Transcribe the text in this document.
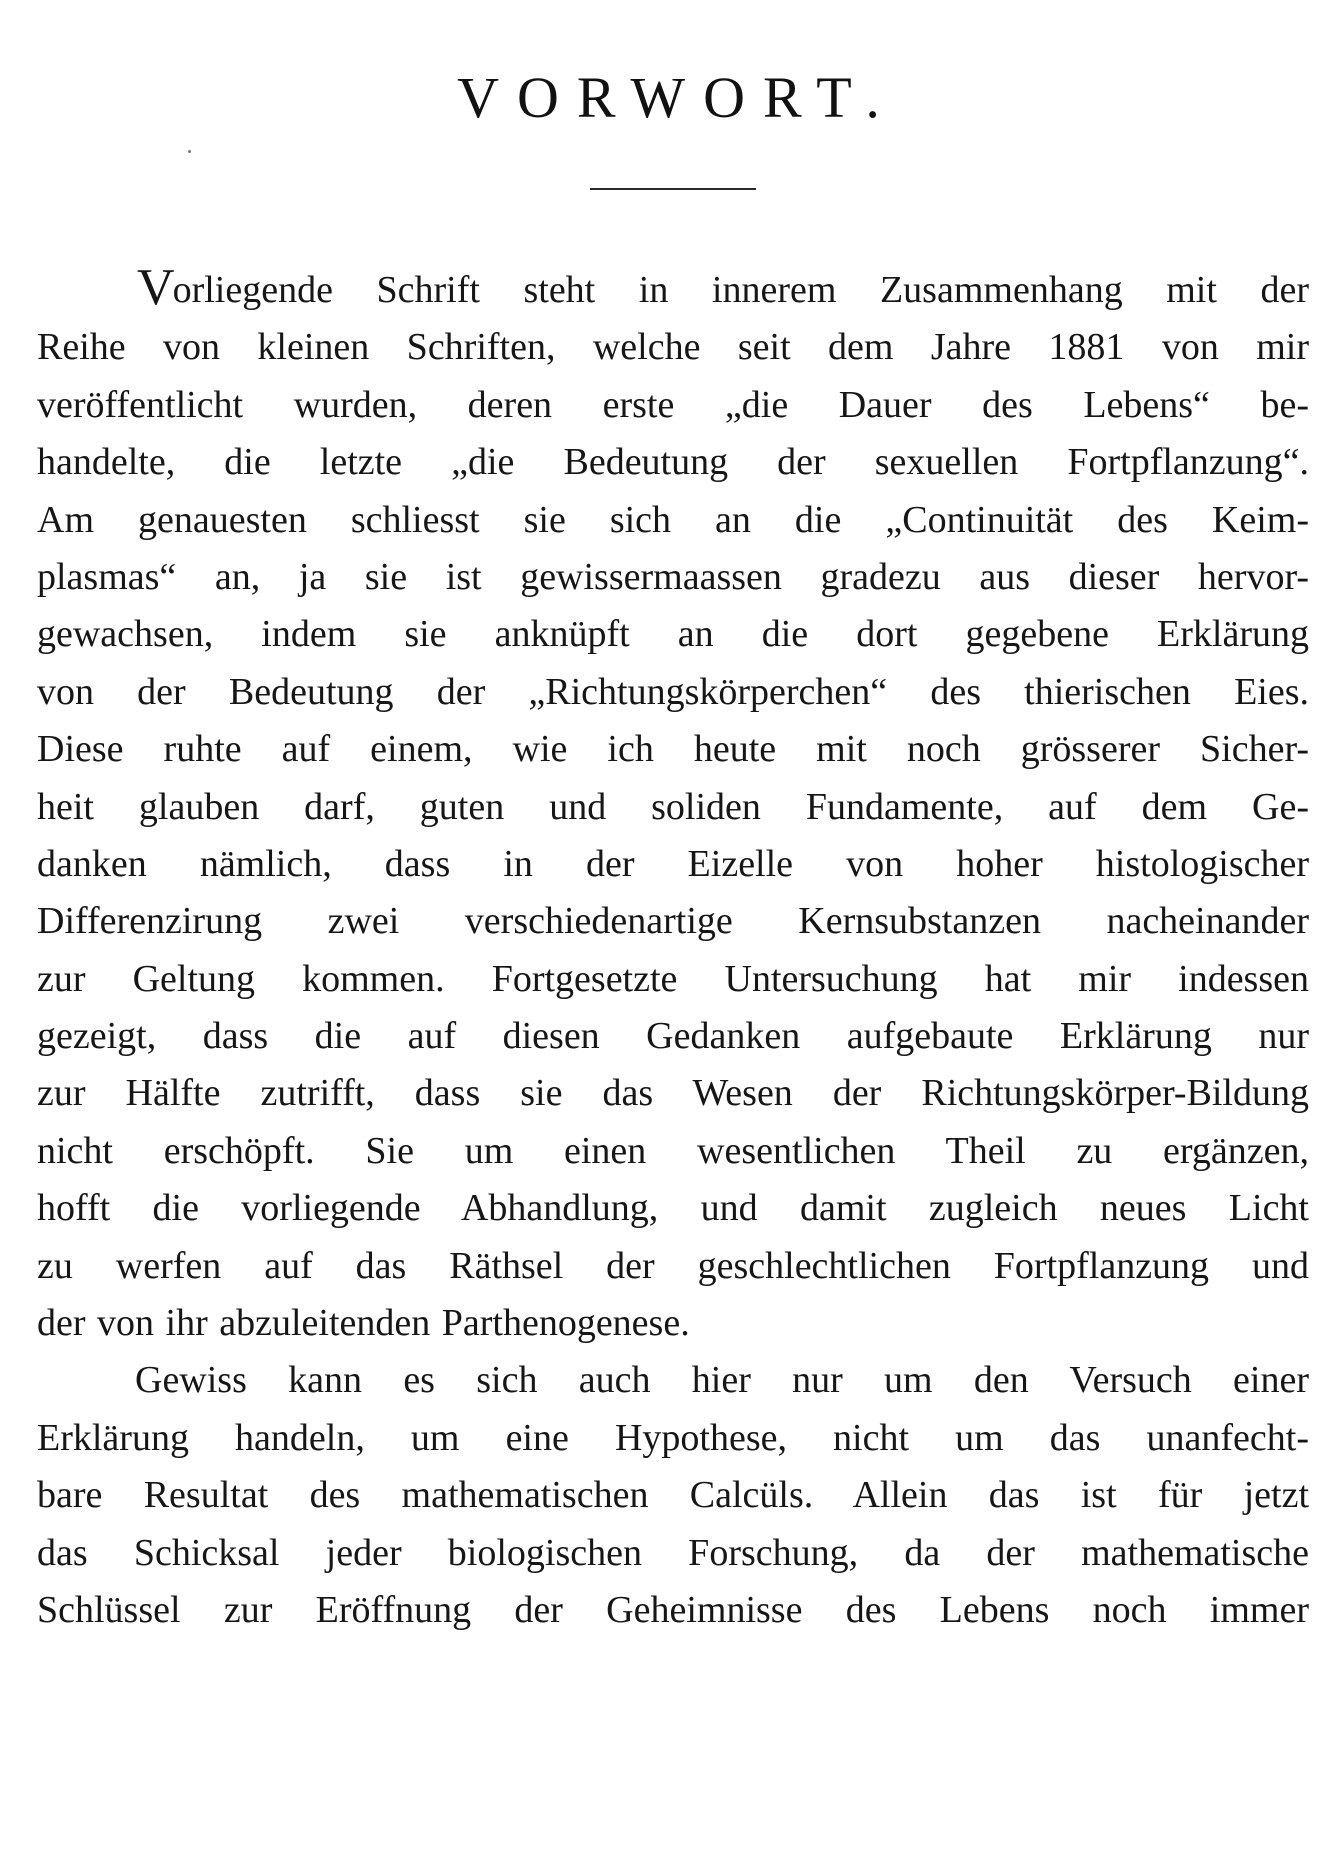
VORWORT.
Vorliegende Schrift steht in innerem Zusammenhang mit der
Reihe von kleinen Schriften, welche seit dem Jahre 1881 von mir
veröffentlicht wurden, deren erste „die Dauer des Lebens“ be-
handelte, die letzte „die Bedeutung der sexuellen Fortpflanzung“.
Am genauesten schliesst sie sich an die „Continuität des Keim-
plasmas“ an, ja sie ist gewissermaassen gradezu aus dieser hervor-
gewachsen, indem sie anknüpft an die dort gegebene Erklärung
von der Bedeutung der „Richtungskörperchen“ des thierischen Eies.
Diese ruhte auf einem, wie ich heute mit noch grösserer Sicher-
heit glauben darf, guten und soliden Fundamente, auf dem Ge-
danken nämlich, dass in der Eizelle von hoher histologischer
Differenzirung zwei verschiedenartige Kernsubstanzen nacheinander
zur Geltung kommen. Fortgesetzte Untersuchung hat mir indessen
gezeigt, dass die auf diesen Gedanken aufgebaute Erklärung nur
zur Hälfte zutrifft, dass sie das Wesen der Richtungskörper-Bildung
nicht erschöpft. Sie um einen wesentlichen Theil zu ergänzen,
hofft die vorliegende Abhandlung, und damit zugleich neues Licht
zu werfen auf das Räthsel der geschlechtlichen Fortpflanzung und
der von ihr abzuleitenden Parthenogenese.
Gewiss kann es sich auch hier nur um den Versuch einer
Erklärung handeln, um eine Hypothese, nicht um das unanfecht-
bare Resultat des mathematischen Calcüls. Allein das ist für jetzt
das Schicksal jeder biologischen Forschung, da der mathematische
Schlüssel zur Eröffnung der Geheimnisse des Lebens noch immer
